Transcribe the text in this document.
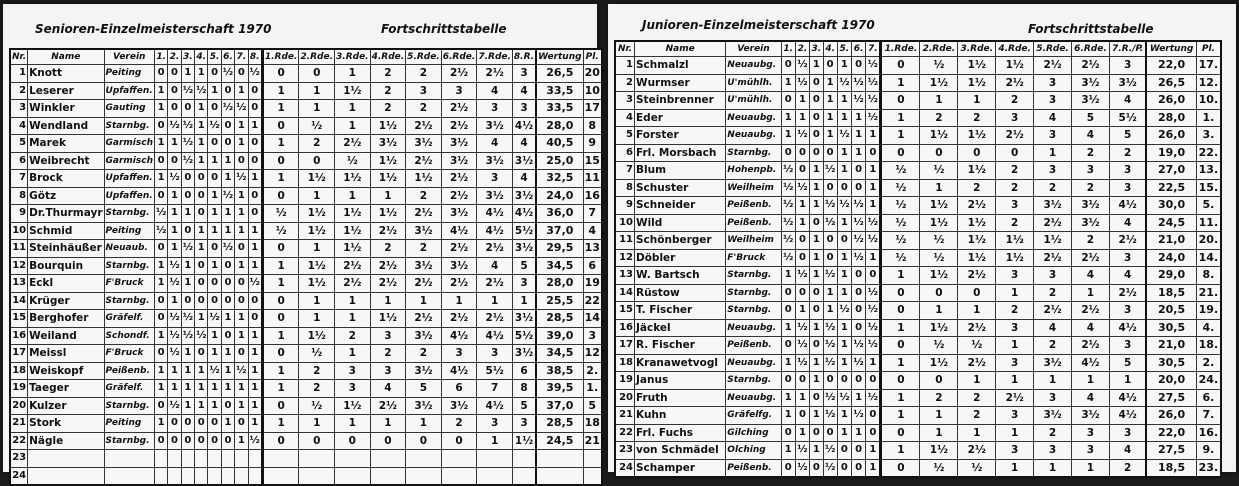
Senioren-Einzelmeisterschaft 1970	Fortschrittstabelle
Nr.	Name	Verein	1.	2.	3.	4.	5.	6.	7.	8.	1.Rde.	2.Rde.	3.Rde.	4.Rde.	5.Rde.	6.Rde.	7.Rde.	8.R.	Wertung	Pl.
1	Knott	Peiting	0	0	1	1	0	½	0	½	0	0	1	2	2	2½	2½	3	26,5	20
2	Leserer	Upfaffen.	1	0	½	½	1	0	1	0	1	1	1½	2	3	3	4	4	33,5	10
3	Winkler	Gauting	1	0	0	1	0	½	½	0	1	1	1	2	2	2½	3	3	33,5	17
4	Wendland	Starnbg.	0	½	½	1	½	0	1	1	0	½	1	1½	2½	2½	3½	4½	28,0	8
5	Marek	Garmisch	1	1	½	1	0	0	1	0	1	2	2½	3½	3½	3½	4	4	40,5	9
6	Weibrecht	Garmisch	0	0	½	1	1	1	0	0	0	0	½	1½	2½	3½	3½	3½	25,0	15
7	Brock	Upfaffen.	1	½	0	0	0	1	½	1	1	1½	1½	1½	1½	2½	3	4	32,5	11
8	Götz	Upfaffen.	0	1	0	0	1	½	1	0	0	1	1	1	2	2½	3½	3½	24,0	16
9	Dr.Thurmayr	Starnbg.	½	1	1	0	1	1	1	0	½	1½	1½	1½	2½	3½	4½	4½	36,0	7
10	Schmid	Peiting	½	1	0	1	1	1	1	1	½	1½	1½	2½	3½	4½	4½	5½	37,0	4
11	Steinhäußer	Neuaub.	0	1	½	1	0	½	0	1	0	1	1½	2	2	2½	2½	3½	29,5	13
12	Bourquin	Starnbg.	1	½	1	0	1	0	1	1	1	1½	2½	2½	3½	3½	4	5	34,5	6
13	Eckl	F'Bruck	1	½	1	0	0	0	0	½	1	1½	2½	2½	2½	2½	2½	3	28,0	19
14	Krüger	Starnbg.	0	1	0	0	0	0	0	0	0	1	1	1	1	1	1	1	25,5	22
15	Berghofer	Gräfelf.	0	½	½	1	½	1	1	0	0	1	1	1½	2½	2½	2½	3½	28,5	14
16	Weiland	Schondf.	1	½	½	½	1	0	1	1	1	1½	2	3	3½	4½	4½	5½	39,0	3
17	Meissl	F'Bruck	0	½	1	0	1	1	0	1	0	½	1	2	2	3	3	3½	34,5	12
18	Weiskopf	Peißenb.	1	1	1	1	½	1	½	1	1	2	3	3	3½	4½	5½	6	38,5	2.
19	Taeger	Gräfelf.	1	1	1	1	1	1	1	1	1	2	3	4	5	6	7	8	39,5	1.
20	Kulzer	Starnbg.	0	½	1	1	1	0	1	1	0	½	1½	2½	3½	3½	4½	5	37,0	5
21	Stork	Peiting	1	0	0	0	0	1	0	1	1	1	1	1	1	2	3	3	28,5	18
22	Nägle	Starnbg.	0	0	0	0	0	0	1	½	0	0	0	0	0	0	1	1½	24,5	21
23																				
24																				
Junioren-Einzelmeisterschaft 1970	Fortschrittstabelle
Nr.	Name	Verein	1.	2.	3.	4.	5.	6.	7.	1.Rde.	2.Rde.	3.Rde.	4.Rde.	5.Rde.	6.Rde.	7.R./P.	Wertung	Pl.
1	Schmalzl	Neuaubg.	0	½	1	0	1	0	½	0	½	1½	1½	2½	2½	3	22,0	17.
2	Wurmser	U'mühlh.	1	½	0	1	½	½	½	1	1½	1½	2½	3	3½	3½	26,5	12.
3	Steinbrenner	U'mühlh.	0	1	0	1	1	½	½	0	1	1	2	3	3½	4	26,0	10.
4	Eder	Neuaubg.	1	1	0	1	1	1	½	1	2	2	3	4	5	5½	28,0	1.
5	Forster	Neuaubg.	1	½	0	1	½	1	1	1	1½	1½	2½	3	4	5	26,0	3.
6	Frl. Morsbach	Starnbg.	0	0	0	0	1	1	0	0	0	0	0	1	2	2	19,0	22.
7	Blum	Hohenpb.	½	0	1	½	1	0	1	½	½	1½	2	3	3	3	27,0	13.
8	Schuster	Weilheim	½	½	1	0	0	0	1	½	1	2	2	2	2	3	22,5	15.
9	Schneider	Peißenb.	½	1	1	½	½	½	1	½	1½	2½	3	3½	3½	4½	30,0	5.
10	Wild	Peißenb.	½	1	0	½	1	½	½	½	1½	1½	2	2½	3½	4	24,5	11.
11	Schönberger	Weilheim	½	0	1	0	0	½	½	½	½	1½	1½	1½	2	2½	21,0	20.
12	Döbler	F'Bruck	½	0	1	0	1	½	1	½	½	1½	1½	2½	2½	3	24,0	14.
13	W. Bartsch	Starnbg.	1	½	1	½	1	0	0	1	1½	2½	3	3	4	4	29,0	8.
14	Rüstow	Starnbg.	0	0	0	1	1	0	½	0	0	0	1	2	1	2½	18,5	21.
15	T. Fischer	Starnbg.	0	1	0	1	½	0	½	0	1	1	2	2½	2½	3	20,5	19.
16	Jäckel	Neuaubg.	1	½	1	½	1	0	½	1	1½	2½	3	4	4	4½	30,5	4.
17	R. Fischer	Peißenb.	0	½	0	½	1	½	½	0	½	½	1	2	2½	3	21,0	18.
18	Kranawetvogl	Neuaubg.	1	½	1	½	1	½	1	1	1½	2½	3	3½	4½	5	30,5	2.
19	Janus	Starnbg.	0	0	1	0	0	0	0	0	0	1	1	1	1	1	20,0	24.
20	Fruth	Neuaubg.	1	1	0	½	½	1	½	1	2	2	2½	3	4	4½	27,5	6.
21	Kuhn	Gräfelfg.	1	0	1	½	1	½	0	1	1	2	3	3½	3½	4½	26,0	7.
22	Frl. Fuchs	Gilching	0	1	0	0	1	1	0	0	1	1	1	2	3	3	22,0	16.
23	von Schmädel	Olching	1	½	1	½	0	0	1	1	1½	2½	3	3	3	4	27,5	9.
24	Schamper	Peißenb.	0	½	0	½	0	0	1	0	½	½	1	1	1	2	18,5	23.
